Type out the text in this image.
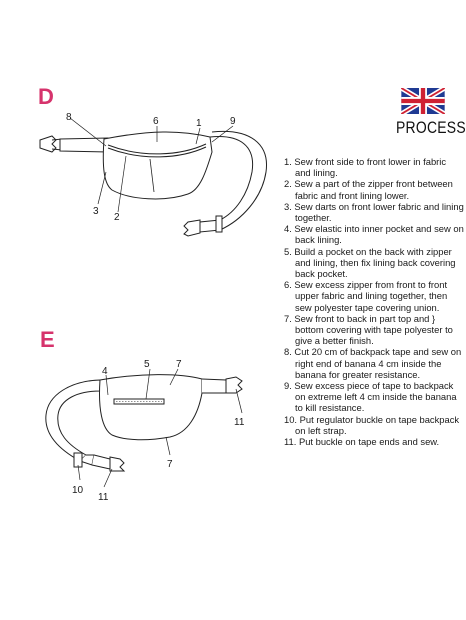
D
E
8	6	1	9
3
2
4
5	7
11
7
10
11
PROCESS
1. Sew front side to front lower in fabric and lining.
2. Sew a part of the zipper front between fabric and front lining lower.
3. Sew darts on front lower fabric and lining together.
4. Sew elastic into inner pocket and sew on back lining.
5. Build a pocket on the back with zipper and lining, then fix lining back covering back pocket.
6. Sew excess zipper from front to front upper fabric and lining together, then sew polyester tape covering union.
7. Sew front to back in part top and } bottom covering with tape polyester to give a better finish.
8. Cut 20 cm of backpack tape and sew on right end of banana 4 cm inside the banana for greater resistance.
9. Sew excess piece of tape to backpack on extreme left 4 cm inside the banana to kill resistance.
10. Put regulator buckle on tape backpack on left strap.
11. Put buckle on tape ends and sew.
